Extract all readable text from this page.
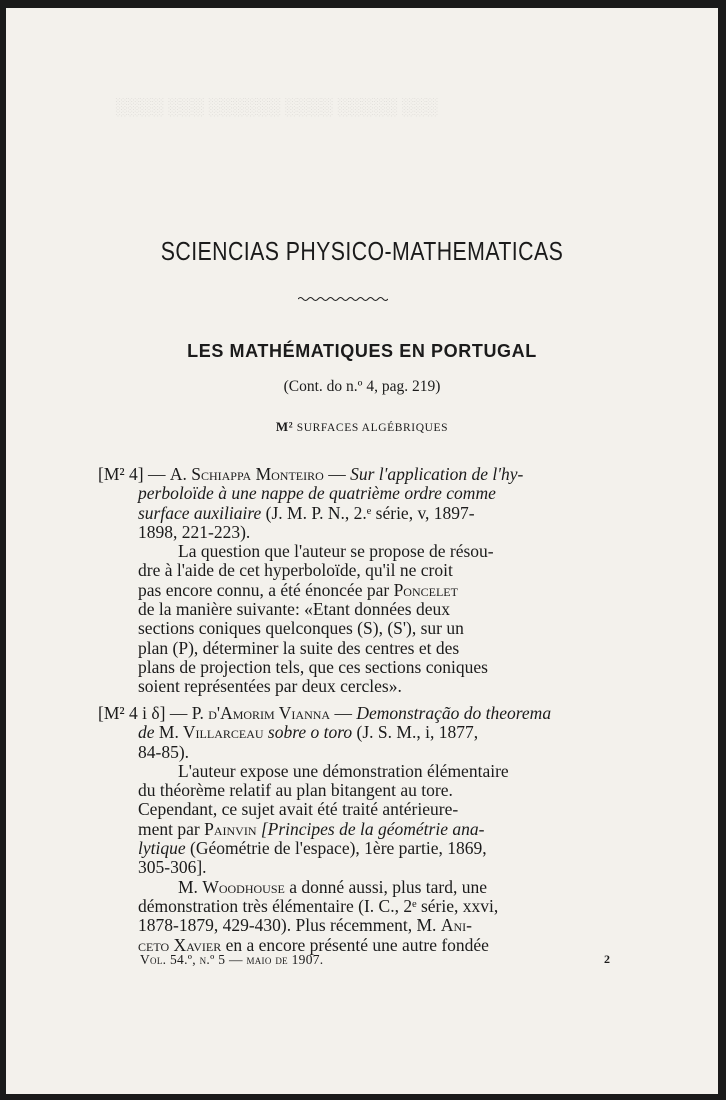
░░░ ░░░░░ ░░░░ ░░░░░░ ░░░ ░░░░
SCIENCIAS PHYSICO-MATHEMATICAS
LES MATHÉMATIQUES EN PORTUGAL
(Cont. do n.º 4, pag. 219)
M² SURFACES ALGÉBRIQUES
[M² 4] — A. Schiappa Monteiro — Sur l'application de l'hy-
perboloïde à une nappe de quatrième ordre comme
surface auxiliaire (J. M. P. N., 2.ᵉ série, v, 1897-
1898, 221-223).
La question que l'auteur se propose de résou-
dre à l'aide de cet hyperboloïde, qu'il ne croit
pas encore connu, a été énoncée par Poncelet
de la manière suivante: «Etant données deux
sections coniques quelconques (S), (S'), sur un
plan (P), déterminer la suite des centres et des
plans de projection tels, que ces sections coniques
soient représentées par deux cercles».
[M² 4 i δ] — P. d'Amorim Vianna — Demonstração do theorema
de M. Villarceau sobre o toro (J. S. M., i, 1877,
84-85).
L'auteur expose une démonstration élémentaire
du théorème relatif au plan bitangent au tore.
Cependant, ce sujet avait été traité antérieure-
ment par Painvin [Principes de la géométrie ana-
lytique (Géométrie de l'espace), 1ère partie, 1869,
305-306].
M. Woodhouse a donné aussi, plus tard, une
démonstration très élémentaire (I. C., 2ᵉ série, xxvi,
1878-1879, 429-430). Plus récemment, M. Ani-
ceto Xavier en a encore présenté une autre fondée
Vol. 54.º, n.º 5 — maio de 1907.	2
